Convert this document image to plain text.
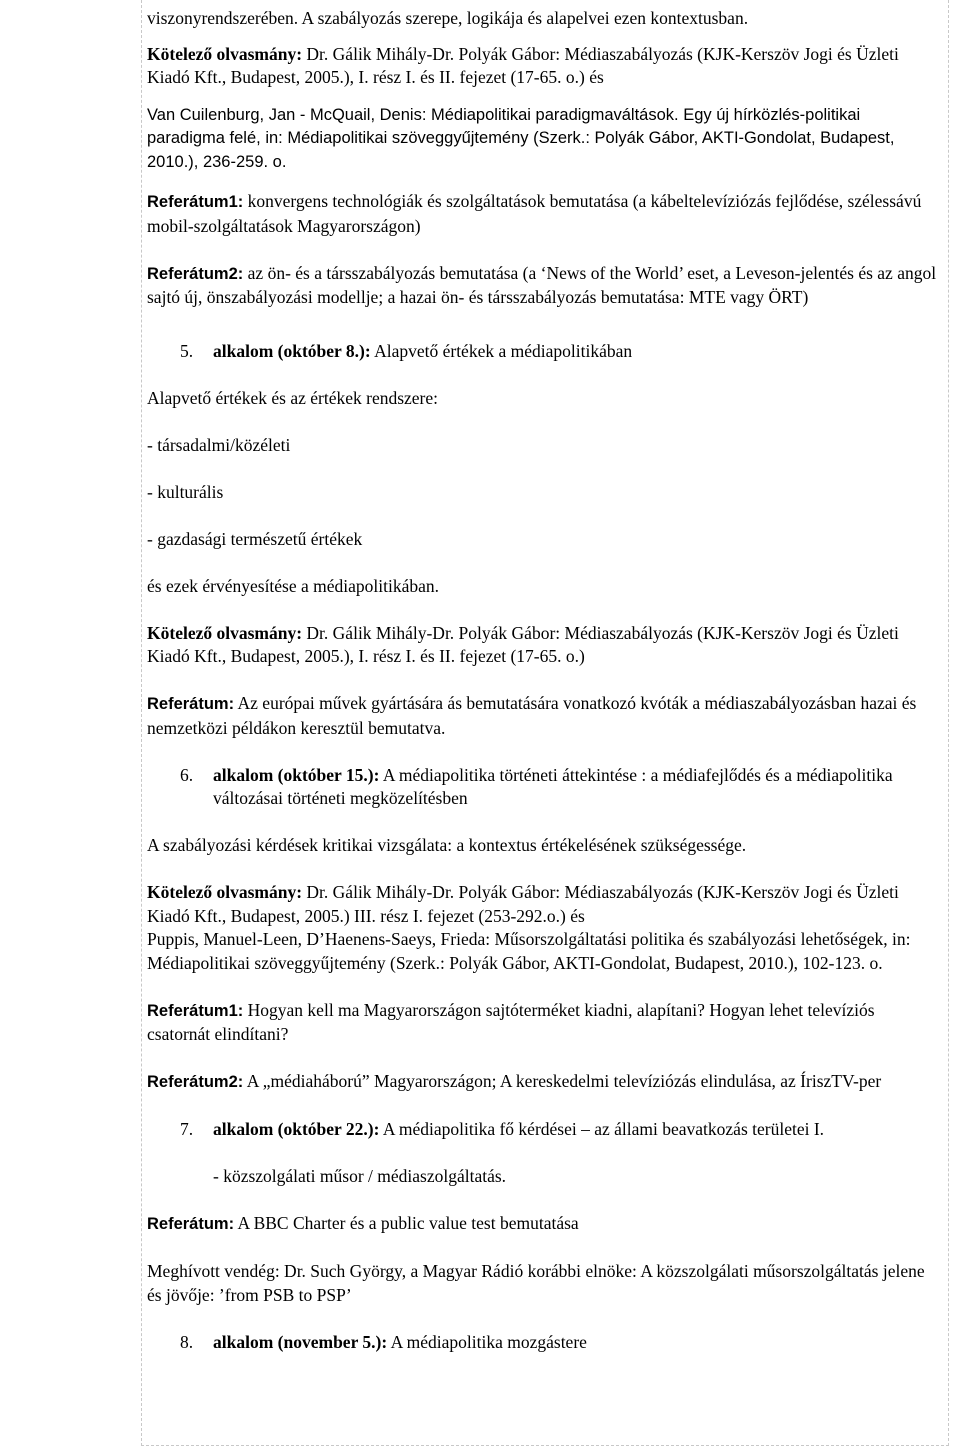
viszonyrendszerében. A szabályozás szerepe, logikája és alapelvei ezen kontextusban.

Kötelező olvasmány: Dr. Gálik Mihály-Dr. Polyák Gábor: Médiaszabályozás (KJK-Kerszöv Jogi és Üzleti Kiadó Kft., Budapest, 2005.), I. rész I. és II. fejezet (17-65. o.) és

Van Cuilenburg, Jan - McQuail, Denis: Médiapolitikai paradigmaváltások. Egy új hírközlés-politikai paradigma felé, in: Médiapolitikai szöveggyűjtemény (Szerk.: Polyák Gábor, AKTI-Gondolat, Budapest, 2010.), 236-259. o.

Referátum1: konvergens technológiák és szolgáltatások bemutatása (a kábeltelevíziózás fejlődése, szélessávú mobil-szolgáltatások Magyarországon)

Referátum2: az ön- és a társszabályozás bemutatása (a ‘News of the World’ eset, a Leveson-jelentés és az angol sajtó új, önszabályozási modellje; a hazai ön- és társszabályozás bemutatása: MTE vagy ÖRT)

5. alkalom (október 8.): Alapvető értékek a médiapolitikában

Alapvető értékek és az értékek rendszere:

- társadalmi/közéleti

- kulturális

- gazdasági természetű értékek

és ezek érvényesítése a médiapolitikában.

Kötelező olvasmány: Dr. Gálik Mihály-Dr. Polyák Gábor: Médiaszabályozás (KJK-Kerszöv Jogi és Üzleti Kiadó Kft., Budapest, 2005.), I. rész I. és II. fejezet (17-65. o.)

Referátum: Az európai művek gyártására ás bemutatására vonatkozó kvóták a médiaszabályozásban hazai és nemzetközi példákon keresztül bemutatva.

6.	alkalom (október 15.): A médiapolitika történeti áttekintése : a médiafejlődés és a médiapolitika változásai történeti megközelítésben

A szabályozási kérdések kritikai vizsgálata: a kontextus értékelésének szükségessége.

Kötelező olvasmány: Dr. Gálik Mihály-Dr. Polyák Gábor: Médiaszabályozás (KJK-Kerszöv Jogi és Üzleti Kiadó Kft., Budapest, 2005.) III. rész I. fejezet (253-292.o.) és

Puppis, Manuel-Leen, D’Haenens-Saeys, Frieda: Műsorszolgáltatási politika és szabályozási lehetőségek, in: Médiapolitikai szöveggyűjtemény (Szerk.: Polyák Gábor, AKTI-Gondolat, Budapest, 2010.), 102-123. o.

Referátum1: Hogyan kell ma Magyarországon sajtóterméket kiadni, alapítani? Hogyan lehet televíziós csatornát elindítani?

Referátum2: A „médiaháború” Magyarországon; A kereskedelmi televíziózás elindulása, az ÍriszTV-per

7.	alkalom (október 22.): A médiapolitika fő kérdései – az állami beavatkozás területei I.

- közszolgálati műsor / médiaszolgáltatás.

Referátum: A BBC Charter és a public value test bemutatása

Meghívott vendég: Dr. Such György, a Magyar Rádió korábbi elnöke: A közszolgálati műsorszolgáltatás jelene és jövője: ’from PSB to PSP’

8. alkalom (november 5.): A médiapolitika mozgástere
